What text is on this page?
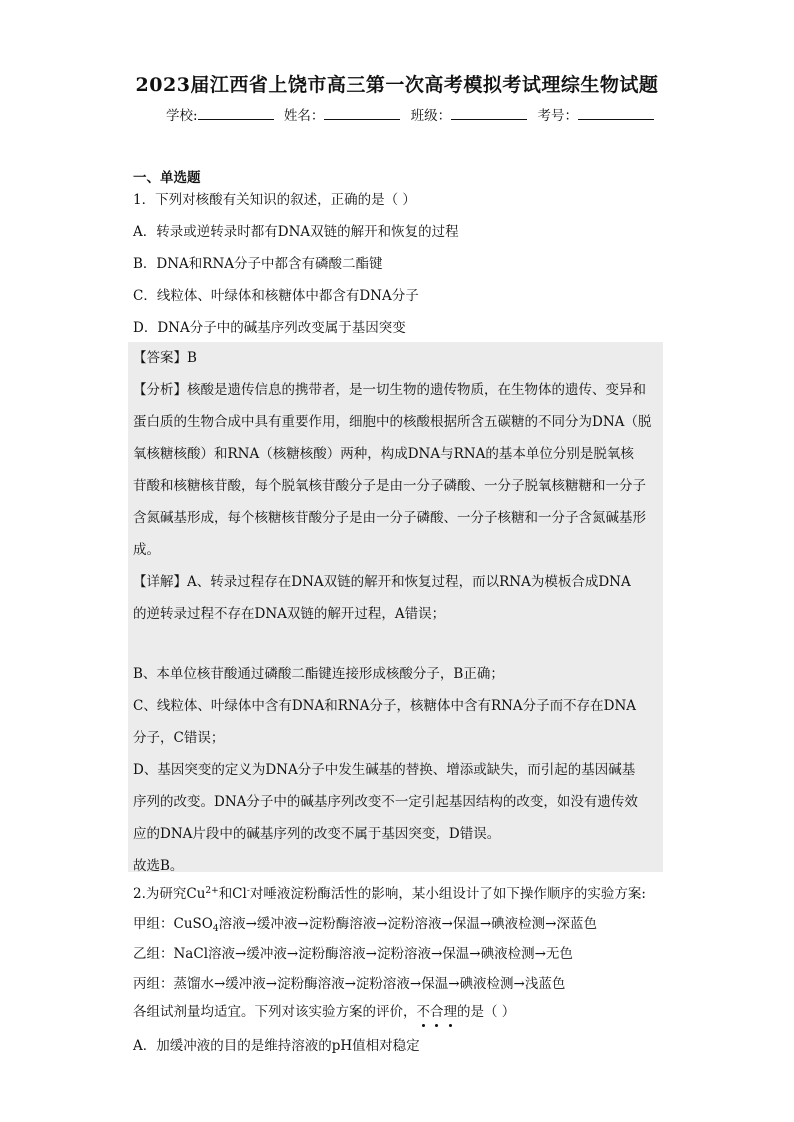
2023届江西省上饶市高三第一次高考模拟考试理综生物试题
学校:	姓名：	班级：	考号：
一、单选题
1．下列对核酸有关知识的叙述，正确的是（ ）
A．转录或逆转录时都有DNA双链的解开和恢复的过程
B．DNA和RNA分子中都含有磷酸二酯键
C．线粒体、叶绿体和核糖体中都含有DNA分子
D．DNA分子中的碱基序列改变属于基因突变
【答案】B
【分析】核酸是遗传信息的携带者，是一切生物的遗传物质，在生物体的遗传、变异和
蛋白质的生物合成中具有重要作用，细胞中的核酸根据所含五碳糖的不同分为DNA（脱
氧核糖核酸）和RNA（核糖核酸）两种，构成DNA与RNA的基本单位分别是脱氧核
苷酸和核糖核苷酸，每个脱氧核苷酸分子是由一分子磷酸、一分子脱氧核糖糖和一分子
含氮碱基形成，每个核糖核苷酸分子是由一分子磷酸、一分子核糖和一分子含氮碱基形
成。
【详解】A、转录过程存在DNA双链的解开和恢复过程，而以RNA为模板合成DNA
的逆转录过程不存在DNA双链的解开过程，A错误；
B、本单位核苷酸通过磷酸二酯键连接形成核酸分子，B正确；
C、线粒体、叶绿体中含有DNA和RNA分子，核糖体中含有RNA分子而不存在DNA
分子，C错误；
D、基因突变的定义为DNA分子中发生碱基的替换、增添或缺失，而引起的基因碱基
序列的改变。DNA分子中的碱基序列改变不一定引起基因结构的改变，如没有遗传效
应的DNA片段中的碱基序列的改变不属于基因突变，D错误。
故选B。
2.为研究$Cu^{2+}$和Cl-对唾液淀粉酶活性的影响，某小组设计了如下操作顺序的实验方案:
甲组：CuSO$_4$溶液→缓冲液→淀粉酶溶液→淀粉溶液→保温→碘液检测→深蓝色
乙组：NaCl溶液→缓冲液→淀粉酶溶液→淀粉溶液→保温→碘液检测→无色
丙组：蒸馏水→缓冲液→淀粉酶溶液→淀粉溶液→保温→碘液检测→浅蓝色
各组试剂量均适宜。下列对该实验方案的评价，不合理的是（ ）
A．加缓冲液的目的是维持溶液的pH值相对稳定
